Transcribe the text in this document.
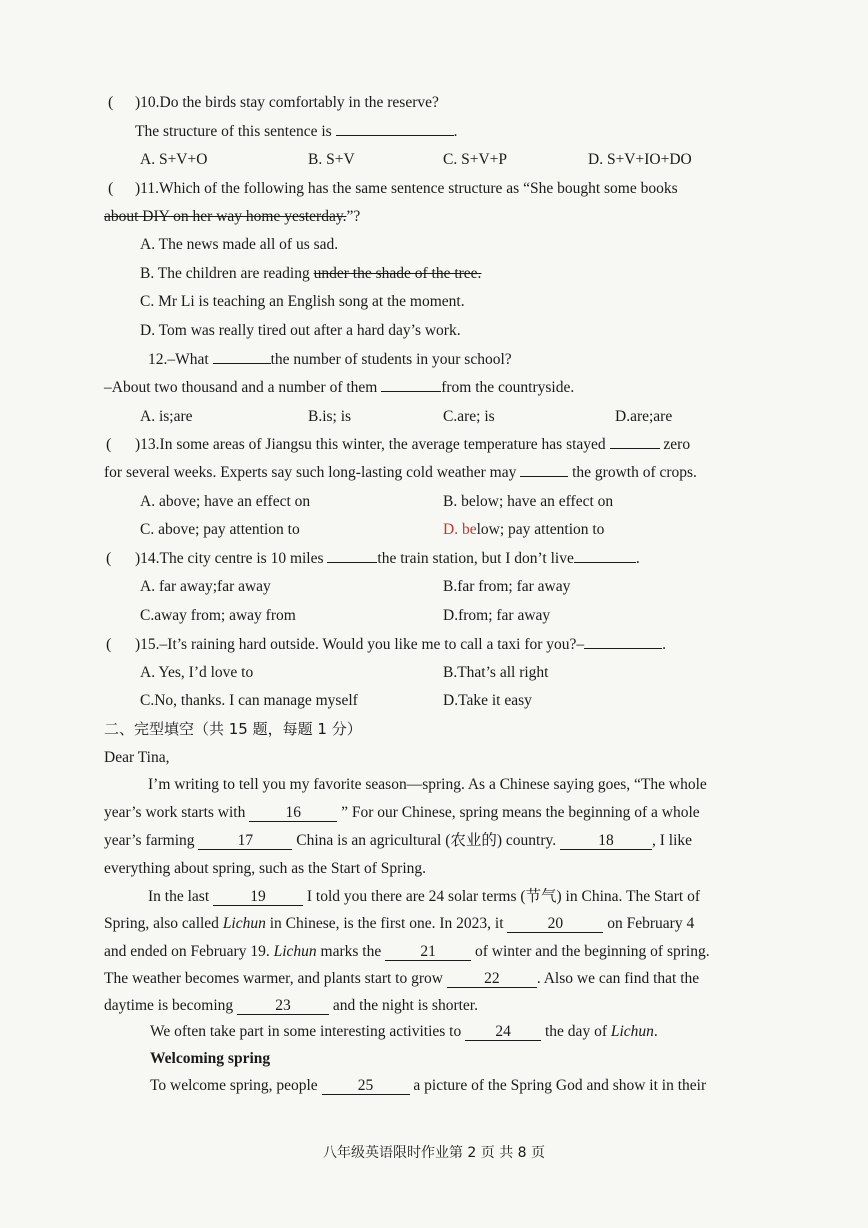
( )10.Do the birds stay comfortably in the reserve?
The structure of this sentence is	.
A. S+V+O	B. S+V	C. S+V+P	D. S+V+IO+DO
( )11.Which of the following has the same sentence structure as “She bought some books
about DIY on her way home yesterday.”?
A. The news made all of us sad.
B. The children are reading under the shade of the tree.
C. Mr Li is teaching an English song at the moment.
D. Tom was really tired out after a hard day’s work.
12.–What	the number of students in your school?
–About two thousand and a number of them	from the countryside.
A. is;are	B.is; is	C.are; is	D.are;are
( )13.In some areas of Jiangsu this winter, the average temperature has stayed	zero
for several weeks. Experts say such long-lasting cold weather may	the growth of crops.
A. above; have an effect on	B. below; have an effect on
C. above; pay attention to	D. below; pay attention to
( )14.The city centre is 10 miles	the train station, but I don’t live	.
A. far away;far away	B.far from; far away
C.away from; away from	D.from; far away
( )15.–It’s raining hard outside. Would you like me to call a taxi for you?–	.
A. Yes, I’d love to	B.That’s all right
C.No, thanks. I can manage myself	D.Take it easy
二、完型填空（共 15 题，每题 1 分）
Dear Tina,
I’m writing to tell you my favorite season—spring. As a Chinese saying goes, “The whole
year’s work starts with	16	” For our Chinese, spring means the beginning of a whole
year’s farming	17	China is an agricultural (农业的) country.	18 , I like
everything about spring, such as the Start of Spring.
In the last	19	I told you there are 24 solar terms (节气) in China. The Start of
Spring, also called Lichun in Chinese, is the first one. In 2023, it	20	on February 4
and ended on February 19. Lichun marks the	21	of winter and the beginning of spring.
The weather becomes warmer, and plants start to grow	22 . Also we can find that the
daytime is becoming	23	and the night is shorter.
We often take part in some interesting activities to 24 the day of Lichun.
Welcoming spring
To welcome spring, people	25	a picture of the Spring God and show it in their
八年级英语限时作业第 2 页 共 8 页
